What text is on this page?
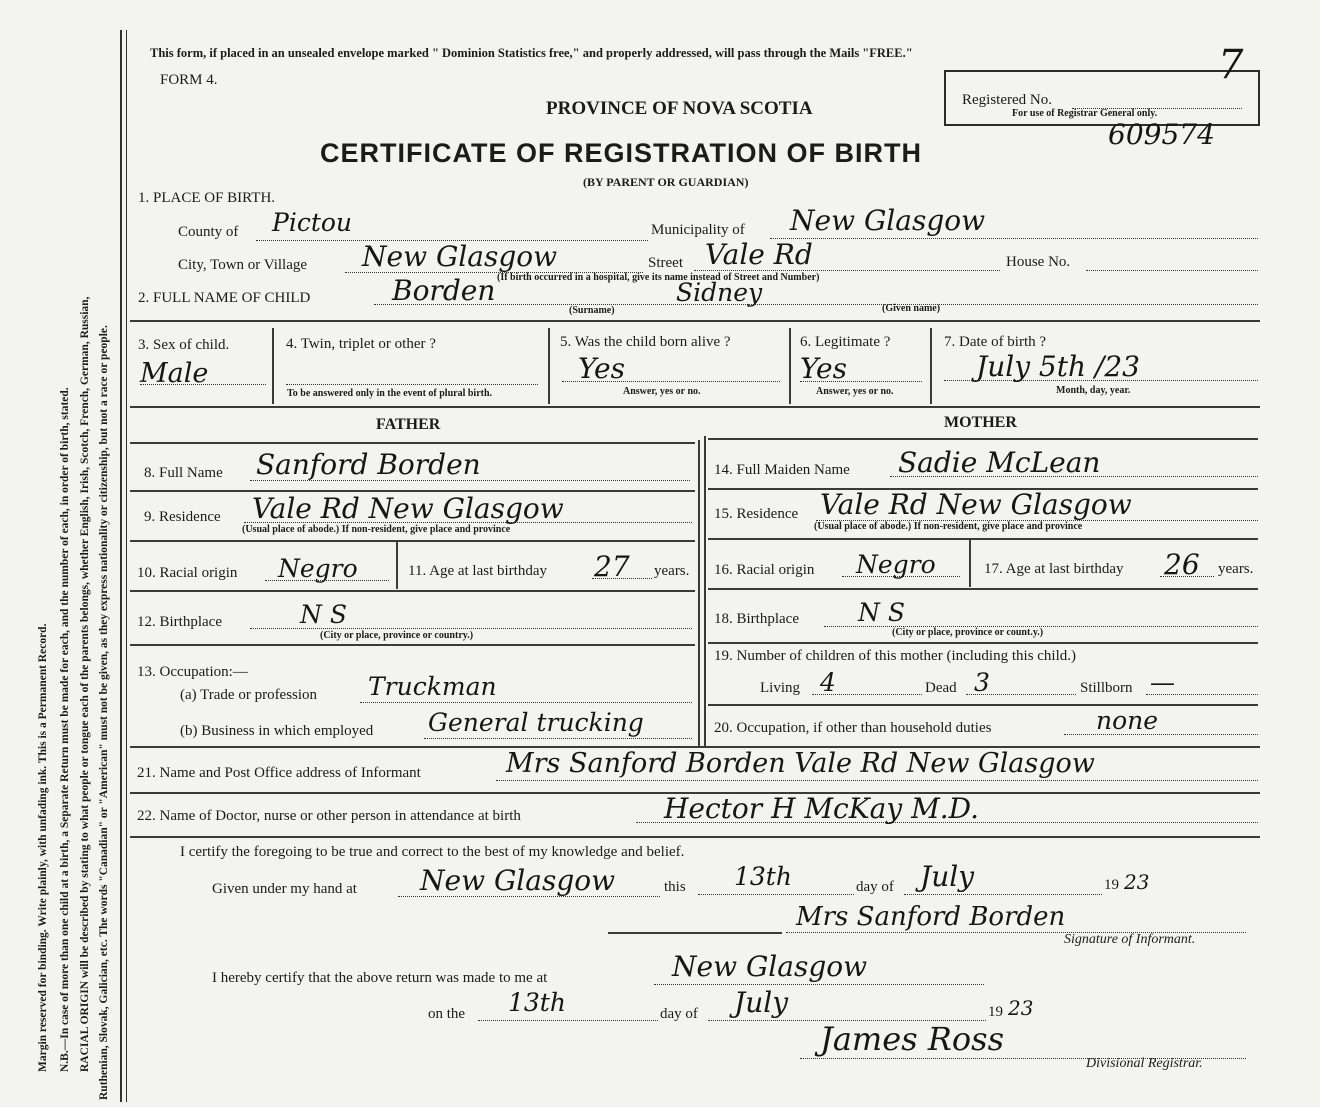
Margin reserved for binding. Write plainly, with unfading ink. This is a Permanent Record. N.B.—In case of more than one child at a birth, a Separate Return must be made for each, and the number of each, in order of birth, stated. RACIAL ORIGIN will be described by stating to what people or tongue each of the parents belongs, whether English, Irish, Scotch, French, German, Russian, Ruthenian, Slovak, Galician, etc. The words "Canadian" or "American" must not be given, as they express nationality or citizenship, but not a race or people.
This form, if placed in an unsealed envelope marked " Dominion Statistics free," and properly addressed, will pass through the Mails "FREE."
FORM 4.
PROVINCE OF NOVA SCOTIA
CERTIFICATE OF REGISTRATION OF BIRTH
(BY PARENT OR GUARDIAN)
Registered No.
For use of Registrar General only.
7
609574
1. PLACE OF BIRTH.
County of Pictou	Municipality of New Glasgow
City, Town or Village New Glasgow	Street Vale Rd
(If birth occurred in a hospital, give its name instead of Street and Number)
House No.
2. FULL NAME OF CHILD	Borden	Sidney
(Surname)	(Given name)
3. Sex of child.
Male
4. Twin, triplet or other ?
To be answered only in the event of plural birth.
5. Was the child born alive ?
Yes
Answer, yes or no.
6. Legitimate ?
Yes
Answer, yes or no.
7. Date of birth ?
July 5th /23
Month, day, year.
FATHER	MOTHER
8. Full Name Sanford Borden
9. Residence Vale Rd New Glasgow
(Usual place of abode.) If non-resident, give place and province
10. Racial origin Negro	11. Age at last birthday 27 years.
12. Birthplace	N S
(City or place, province or country.)
13. Occupation:—
(a) Trade or profession Truckman
(b) Business in which employed General trucking
14. Full Maiden Name Sadie McLean
15. Residence Vale Rd New Glasgow
(Usual place of abode.) If non-resident, give place and province
16. Racial origin Negro	17. Age at last birthday 26 years.
18. Birthplace N S
(City or place, province or count.y.)
19. Number of children of this mother (including this child.)
Living 4	Dead 3	Stillborn —
20. Occupation, if other than household duties	none
21. Name and Post Office address of Informant	Mrs Sanford Borden Vale Rd New Glasgow
22. Name of Doctor, nurse or other person in attendance at birth	Hector H McKay M.D.
I certify the foregoing to be true and correct to the best of my knowledge and belief.
Given under my hand at New Glasgow	this 13th	day of July	19 23
Mrs Sanford Borden
Signature of Informant.
I hereby certify that the above return was made to me at	New Glasgow
on the 13th	day of July	19 23
James Ross
Divisional Registrar.
